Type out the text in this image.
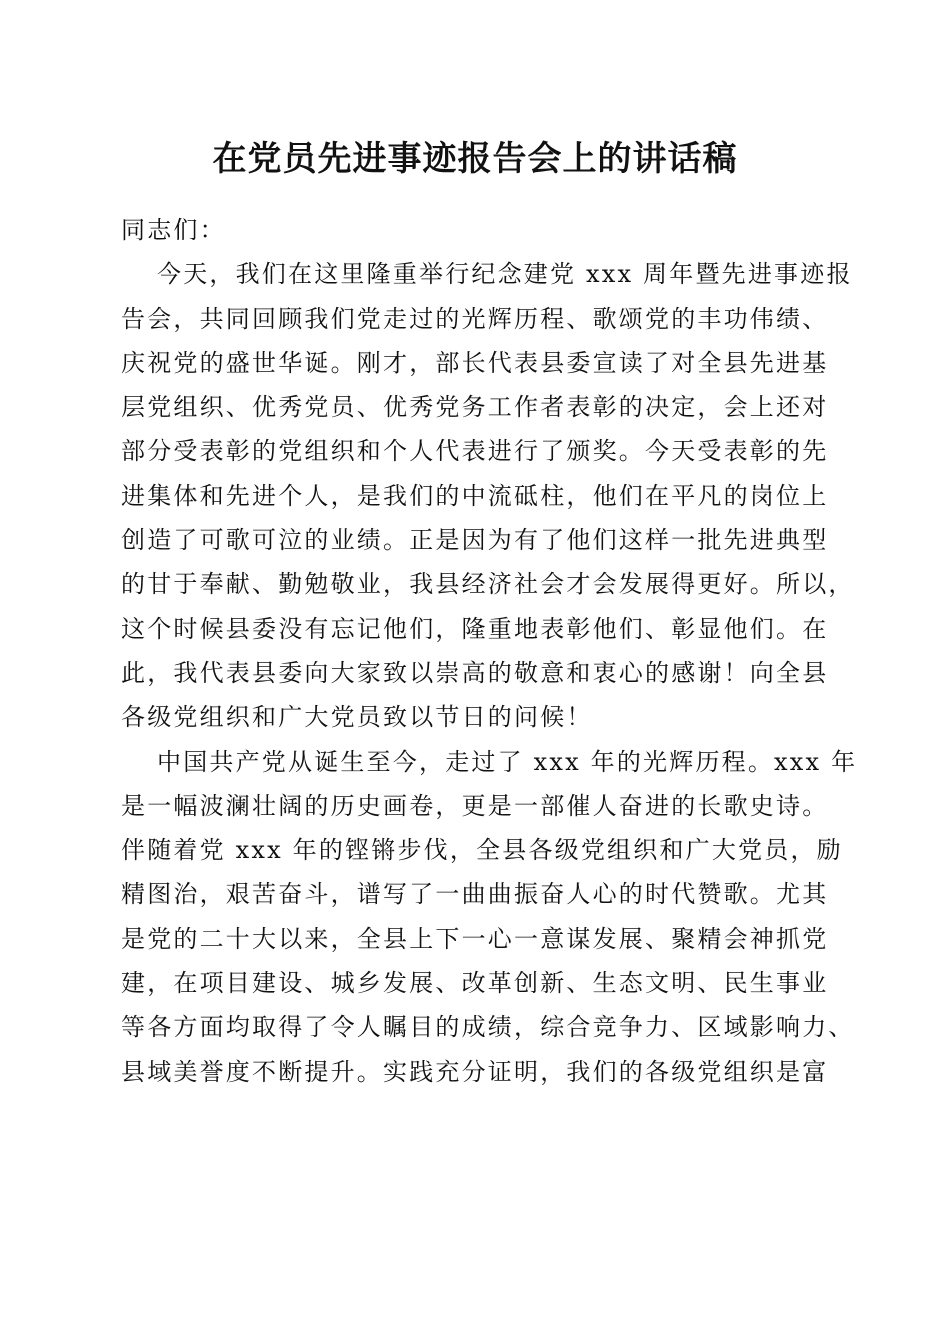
在党员先进事迹报告会上的讲话稿
同志们：
今天，我们在这里隆重举行纪念建党 xxx 周年暨先进事迹报
告会，共同回顾我们党走过的光辉历程、歌颂党的丰功伟绩、
庆祝党的盛世华诞。刚才，部长代表县委宣读了对全县先进基
层党组织、优秀党员、优秀党务工作者表彰的决定，会上还对
部分受表彰的党组织和个人代表进行了颁奖。今天受表彰的先
进集体和先进个人，是我们的中流砥柱，他们在平凡的岗位上
创造了可歌可泣的业绩。正是因为有了他们这样一批先进典型
的甘于奉献、勤勉敬业，我县经济社会才会发展得更好。所以，
这个时候县委没有忘记他们，隆重地表彰他们、彰显他们。在
此，我代表县委向大家致以崇高的敬意和衷心的感谢！向全县
各级党组织和广大党员致以节日的问候！
中国共产党从诞生至今，走过了 xxx 年的光辉历程。xxx 年
是一幅波澜壮阔的历史画卷，更是一部催人奋进的长歌史诗。
伴随着党 xxx 年的铿锵步伐，全县各级党组织和广大党员，励
精图治，艰苦奋斗，谱写了一曲曲振奋人心的时代赞歌。尤其
是党的二十大以来，全县上下一心一意谋发展、聚精会神抓党
建，在项目建设、城乡发展、改革创新、生态文明、民生事业
等各方面均取得了令人瞩目的成绩，综合竞争力、区域影响力、
县域美誉度不断提升。实践充分证明，我们的各级党组织是富
